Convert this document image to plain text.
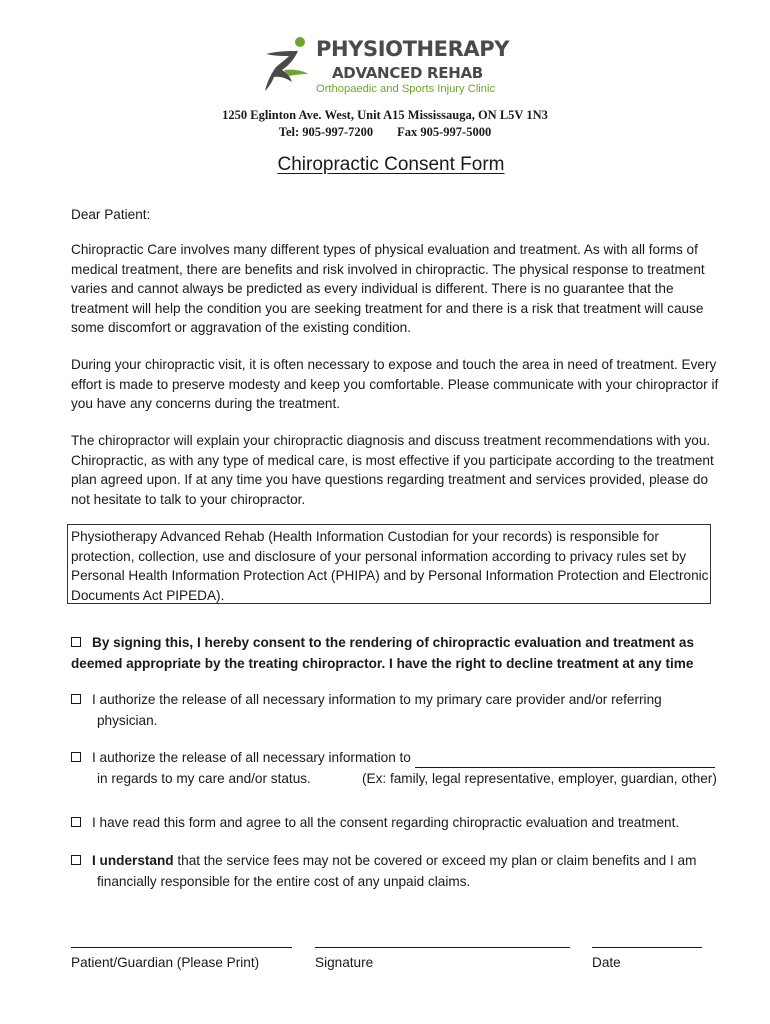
PHYSIOTHERAPY
ADVANCED REHAB
Orthopaedic and Sports Injury Clinic
1250 Eglinton Ave. West, Unit A15 Mississauga, ON L5V 1N3
Tel: 905-997-7200 Fax 905-997-5000
Chiropractic Consent Form
Dear Patient:
Chiropractic Care involves many different types of physical evaluation and treatment. As with all forms of medical treatment, there are benefits and risk involved in chiropractic. The physical response to treatment varies and cannot always be predicted as every individual is different. There is no guarantee that the treatment will help the condition you are seeking treatment for and there is a risk that treatment will cause some discomfort or aggravation of the existing condition.
During your chiropractic visit, it is often necessary to expose and touch the area in need of treatment. Every effort is made to preserve modesty and keep you comfortable. Please communicate with your chiropractor if you have any concerns during the treatment.
The chiropractor will explain your chiropractic diagnosis and discuss treatment recommendations with you. Chiropractic, as with any type of medical care, is most effective if you participate according to the treatment plan agreed upon. If at any time you have questions regarding treatment and services provided, please do not hesitate to talk to your chiropractor.
Physiotherapy Advanced Rehab (Health Information Custodian for your records) is responsible for protection, collection, use and disclosure of your personal information according to privacy rules set by Personal Health Information Protection Act (PHIPA) and by Personal Information Protection and Electronic Documents Act PIPEDA).
By signing this, I hereby consent to the rendering of chiropractic evaluation and treatment as
deemed appropriate by the treating chiropractor. I have the right to decline treatment at any time
I authorize the release of all necessary information to my primary care provider and/or referring
physician.
I authorize the release of all necessary information to
in regards to my care and/or status.	(Ex: family, legal representative, employer, guardian, other)
I have read this form and agree to all the consent regarding chiropractic evaluation and treatment.
I understand that the service fees may not be covered or exceed my plan or claim benefits and I am
financially responsible for the entire cost of any unpaid claims.
Patient/Guardian (Please Print)	Signature	Date
